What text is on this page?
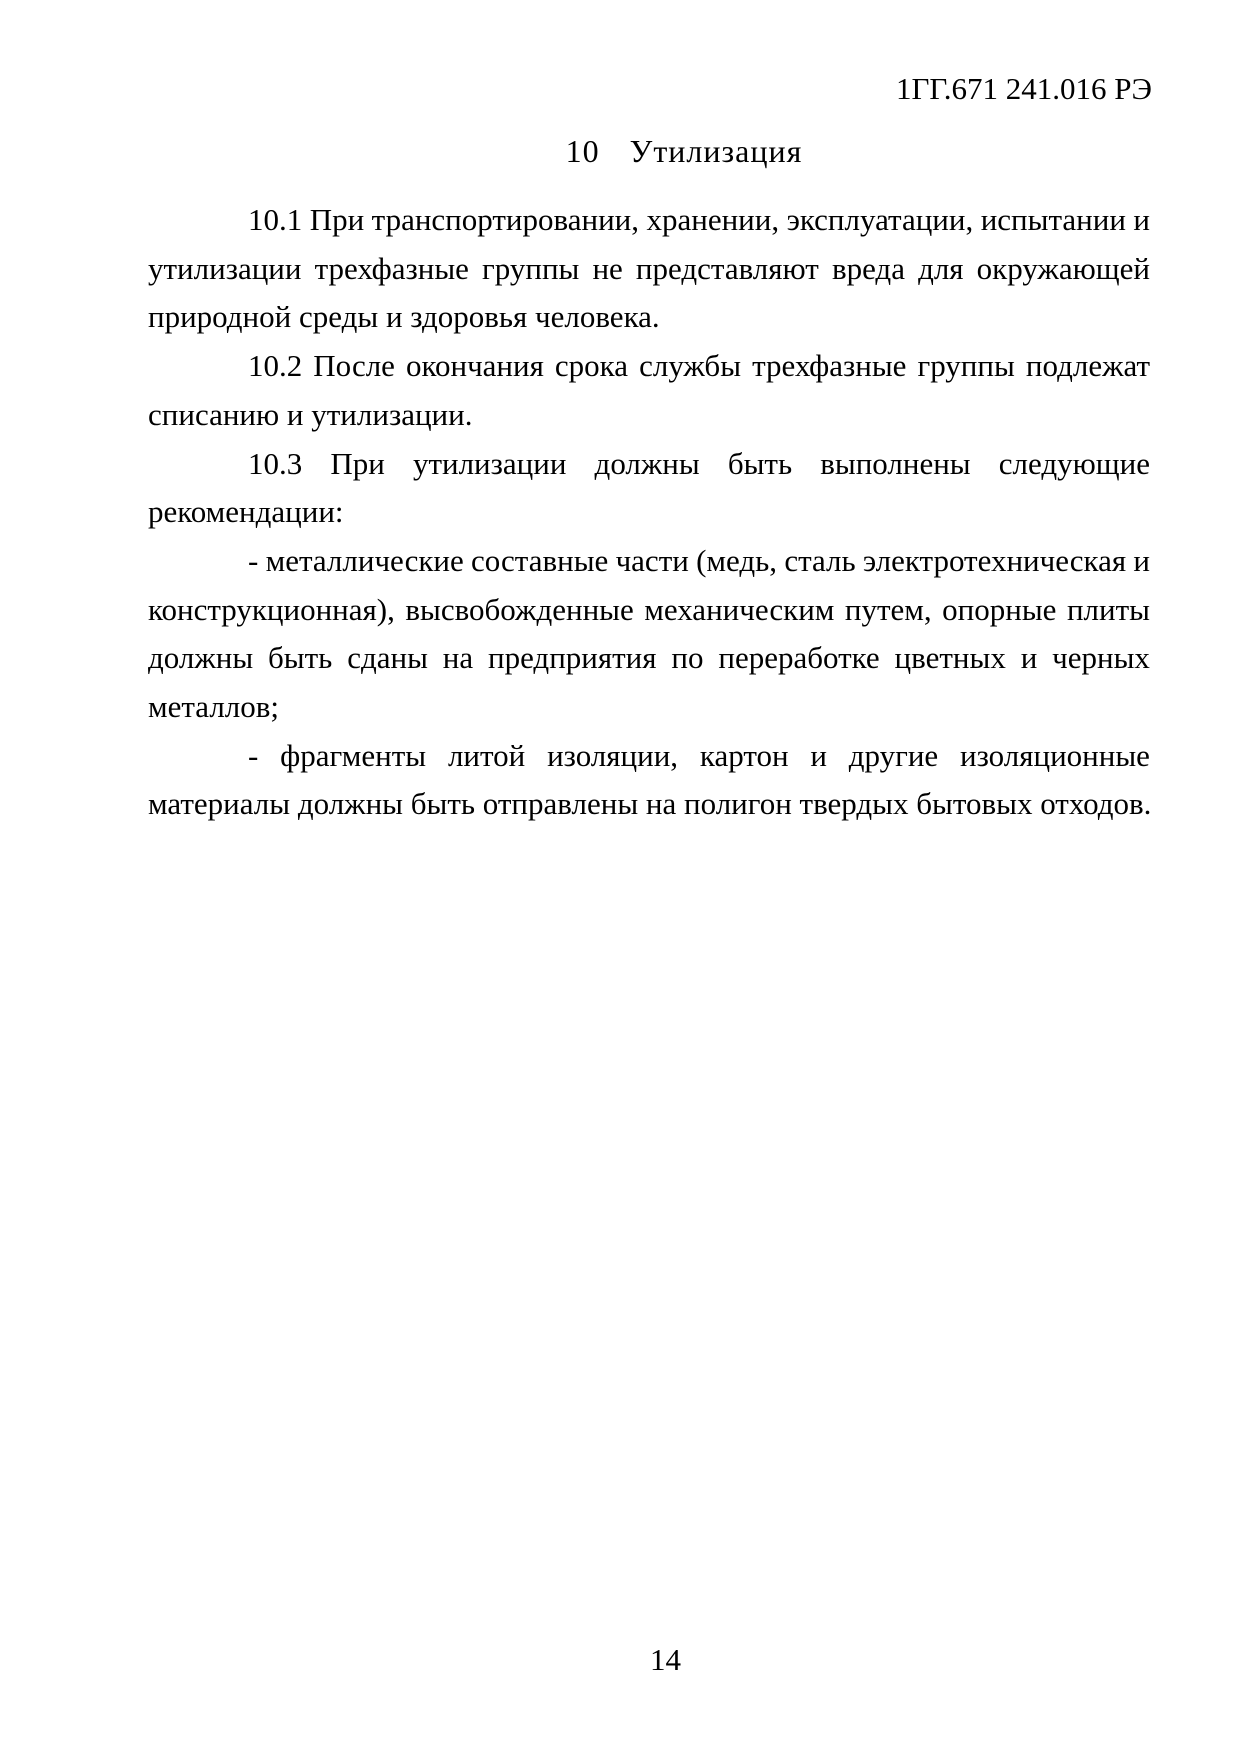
1ГГ.671 241.016 РЭ
10 Утилизация
10.1 При транспортировании, хранении, эксплуатации, испытании и
утилизации трехфазные группы не представляют вреда для окружающей
природной среды и здоровья человека.
10.2 После окончания срока службы трехфазные группы подлежат
списанию и утилизации.
10.3 При утилизации должны быть выполнены следующие
рекомендации:
- металлические составные части (медь, сталь электротехническая и
конструкционная), высвобожденные механическим путем, опорные плиты
должны быть сданы на предприятия по переработке цветных и черных
металлов;
- фрагменты литой изоляции, картон и другие изоляционные
материалы должны быть отправлены на полигон твердых бытовых отходов.
14
